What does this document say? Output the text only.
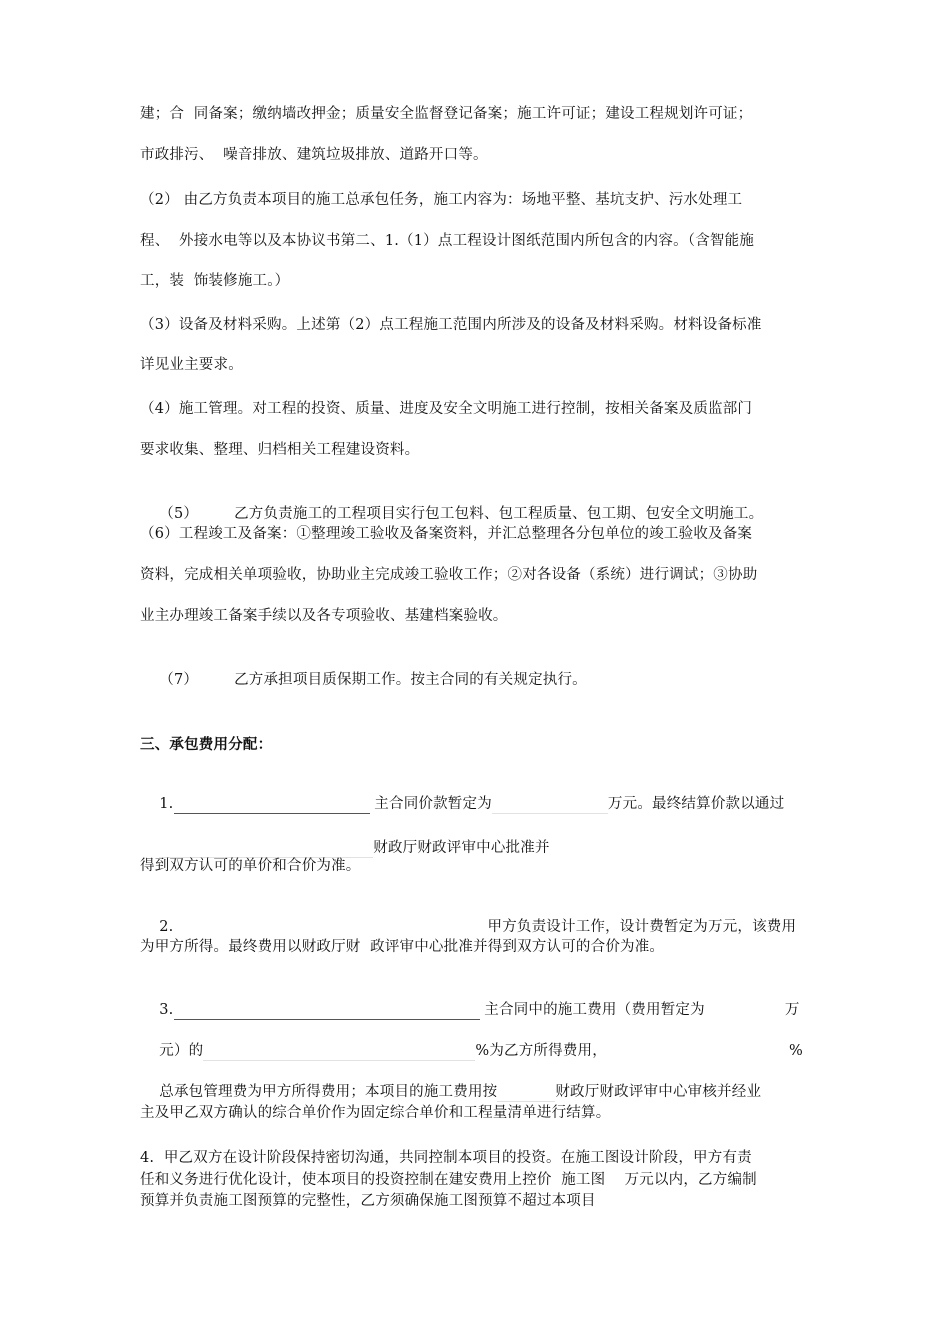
建；合  同备案；缴纳墙改押金；质量安全监督登记备案；施工许可证；建设工程规划许可证；
市政排污、  噪音排放、建筑垃圾排放、道路开口等。
（2） 由乙方负责本项目的施工总承包任务，施工内容为：场地平整、基坑支护、污水处理工
程、  外接水电等以及本协议书第二、1.（1）点工程设计图纸范围内所包含的内容。（含智能施
工，装  饰装修施工。）
（3）设备及材料采购。上述第（2）点工程施工范围内所涉及的设备及材料采购。材料设备标准
详见业主要求。
（4）施工管理。对工程的投资、质量、进度及安全文明施工进行控制，按相关备案及质监部门
要求收集、整理、归档相关工程建设资料。

（5） 乙方负责施工的工程项目实行包工包料、包工程质量、包工期、包安全文明施工。

（6）工程竣工及备案：①整理竣工验收及备案资料，并汇总整理各分包单位的竣工验收及备案
资料，完成相关单项验收，协助业主完成竣工验收工作；②对各设备（系统）进行调试；③协助
业主办理竣工备案手续以及各专项验收、基建档案验收。

（7） 乙方承担项目质保期工作。按主合同的有关规定执行。

三、承包费用分配：

1.	主合同价款暂定为	万元。最终结算价款以通过

财政厅财政评审中心批准并

得到双方认可的单价和合价为准。

2.	甲方负责设计工作，设计费暂定为万元，该费用

为甲方所得。最终费用以财政厅财  政评审中心批准并得到双方认可的合价为准。

3.	主合同中的施工费用（费用暂定为	万

元）的	%为乙方所得费用，	%

总承包管理费为甲方所得费用；本项目的施工费用按	财政厅财政评审中心审核并经业

主及甲乙双方确认的综合单价作为固定综合单价和工程量清单进行结算。
4.  甲乙双方在设计阶段保持密切沟通，共同控制本项目的投资。在施工图设计阶段，甲方有责
任和义务进行优化设计，使本项目的投资控制在建安费用上控价  施工图    万元以内，乙方编制
预算并负责施工图预算的完整性，乙方须确保施工图预算不超过本项目
